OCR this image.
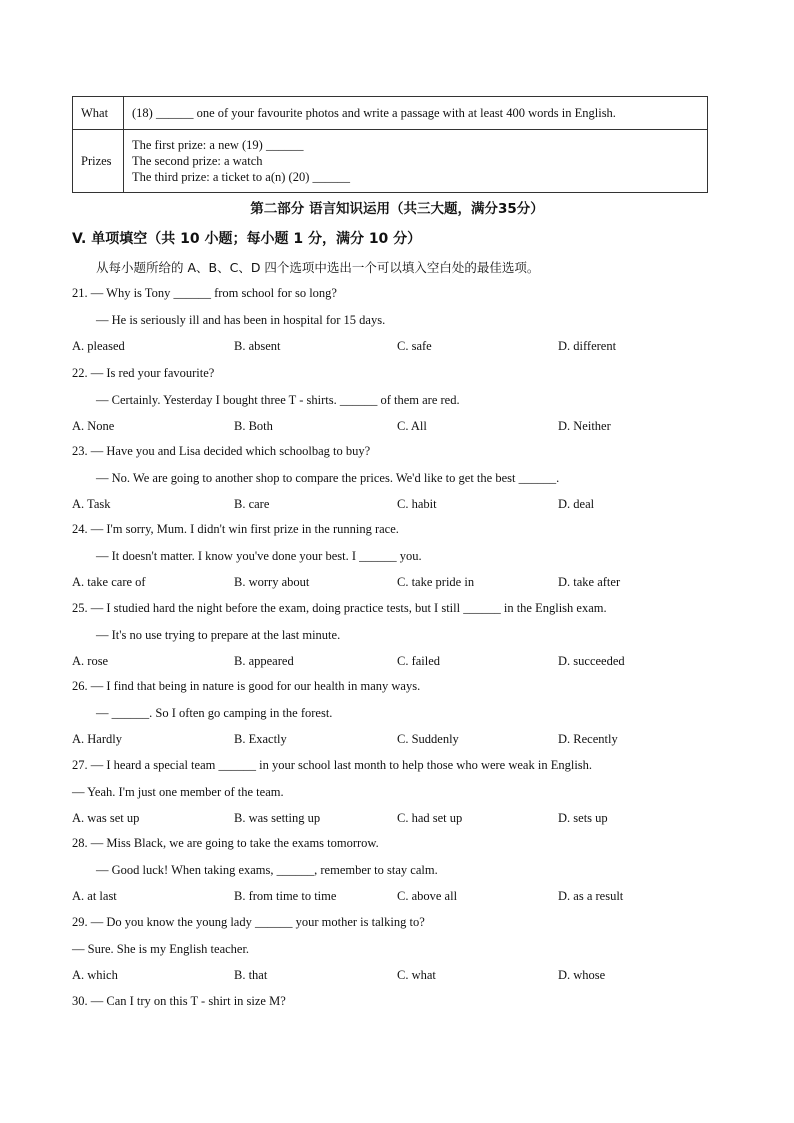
What	(18) ______ one of your favourite photos and write a passage with at least 400 words in English.

Prizes	The first prize: a new (19) ______
The second prize: a watch
The third prize: a ticket to a(n) (20) ______
第二部分 语言知识运用（共三大题，满分35分）
V. 单项填空（共 10 小题；每小题 1 分，满分 10 分）
从每小题所给的 A、B、C、D 四个选项中选出一个可以填入空白处的最佳选项。
21. — Why is Tony ______ from school for so long?
— He is seriously ill and has been in hospital for 15 days.
A. pleased	B. absent	C. safe	D. different
22. — Is red your favourite?
— Certainly. Yesterday I bought three T - shirts. ______ of them are red.
A. None	B. Both	C. All	D. Neither
23. — Have you and Lisa decided which schoolbag to buy?
— No. We are going to another shop to compare the prices. We'd like to get the best ______.
A. Task	B. care	C. habit	D. deal
24. — I'm sorry, Mum. I didn't win first prize in the running race.
— It doesn't matter. I know you've done your best. I ______ you.
A. take care of	B. worry about	C. take pride in	D. take after
25. — I studied hard the night before the exam, doing practice tests, but I still ______ in the English exam.
— It's no use trying to prepare at the last minute.
A. rose	B. appeared	C. failed	D. succeeded
26. — I find that being in nature is good for our health in many ways.
— ______. So I often go camping in the forest.
A. Hardly	B. Exactly	C. Suddenly	D. Recently
27. — I heard a special team ______ in your school last month to help those who were weak in English.
— Yeah. I'm just one member of the team.
A. was set up	B. was setting up	C. had set up	D. sets up
28. — Miss Black, we are going to take the exams tomorrow.
— Good luck! When taking exams, ______, remember to stay calm.
A. at last	B. from time to time	C. above all	D. as a result
29. — Do you know the young lady ______ your mother is talking to?
— Sure. She is my English teacher.
A. which	B. that	C. what	D. whose
30. — Can I try on this T - shirt in size M?
